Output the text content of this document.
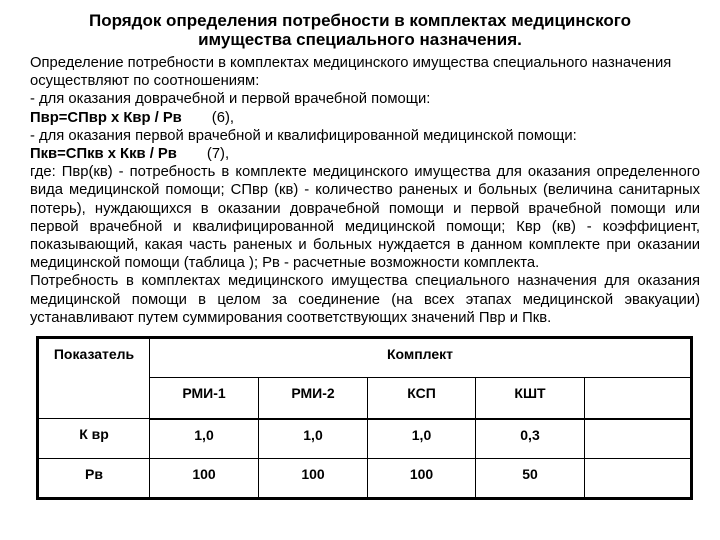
Порядок определения потребности в комплектах медицинского
имущества специального назначения.
Определение потребности в комплектах медицинского имущества специального назначения осуществляют по соотношениям:
- для оказания доврачебной и первой врачебной помощи:
Пвр=СПвр х Квр / Рв (6),
- для оказания первой врачебной и квалифицированной медицинской помощи:
Пкв=СПкв х Ккв / Рв (7),
где: Пвр(кв) - потребность в комплекте медицинского имущества для оказания определенного вида медицинской помощи; СПвр (кв) - количество раненых и больных (величина санитарных потерь), нуждающихся в оказании доврачебной помощи и первой врачебной помощи или первой врачебной и квалифицированной медицинской помощи; Квр (кв) - коэффициент, показывающий, какая часть раненых и больных нуждается в данном комплекте при оказании медицинской помощи (таблица ); Рв - расчетные возможности комплекта.
Потребность в комплектах медицинского имущества специального назначения для оказания медицинской помощи в целом за соединение (на всех этапах медицинской эвакуации) устанавливают путем суммирования соответствующих значений Пвр и Пкв.
Показатель	Комплект				
	РМИ-1	РМИ-2	КСП	КШТ	
К вр	1,0	1,0	1,0	0,3	
Рв	100	100	100	50	
